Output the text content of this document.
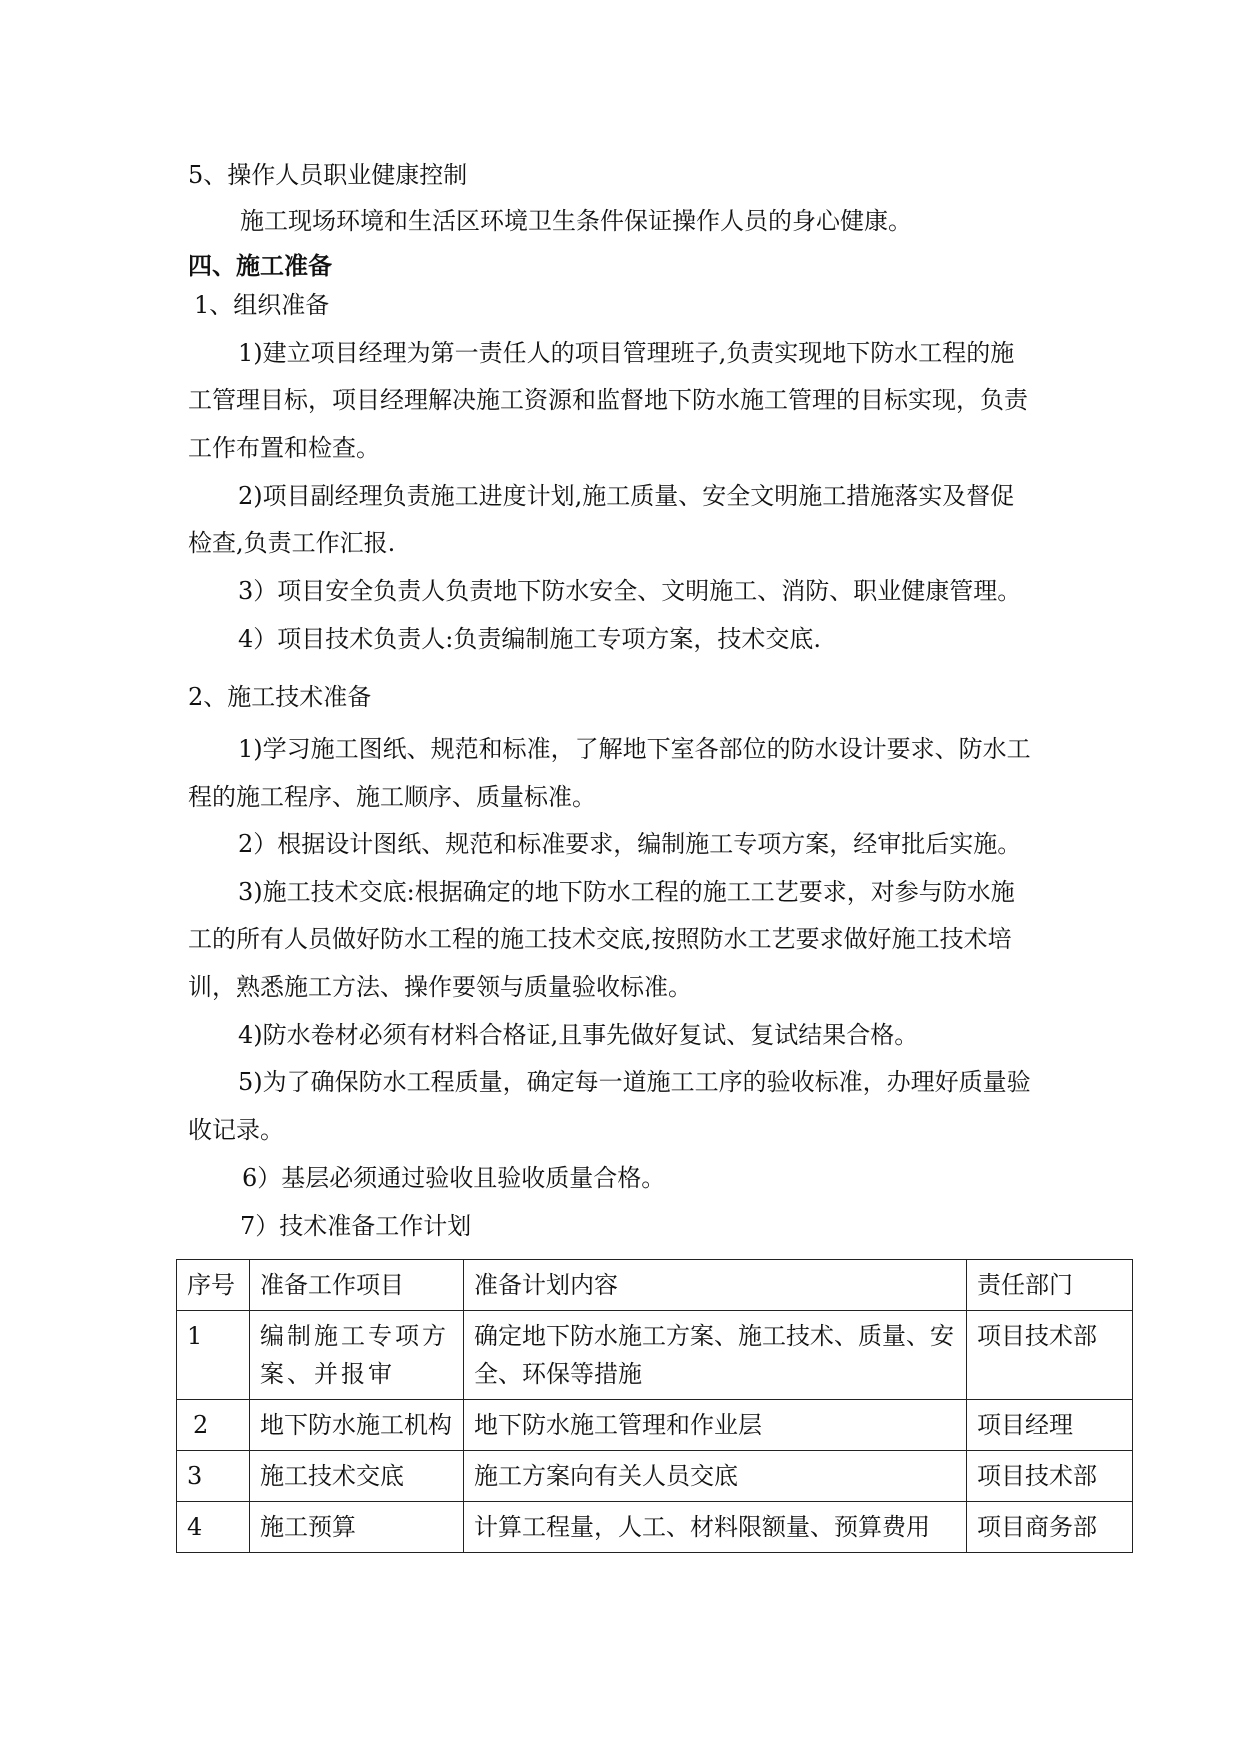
5、操作人员职业健康控制
施工现场环境和生活区环境卫生条件保证操作人员的身心健康。
四、施工准备
1、组织准备
1)建立项目经理为第一责任人的项目管理班子,负责实现地下防水工程的施
工管理目标，项目经理解决施工资源和监督地下防水施工管理的目标实现，负责
工作布置和检查。
2)项目副经理负责施工进度计划,施工质量、安全文明施工措施落实及督促
检查,负责工作汇报.
3）项目安全负责人负责地下防水安全、文明施工、消防、职业健康管理。
4）项目技术负责人:负责编制施工专项方案，技术交底.
2、施工技术准备
1)学习施工图纸、规范和标准，了解地下室各部位的防水设计要求、防水工
程的施工程序、施工顺序、质量标准。
2）根据设计图纸、规范和标准要求，编制施工专项方案，经审批后实施。
3)施工技术交底:根据确定的地下防水工程的施工工艺要求，对参与防水施
工的所有人员做好防水工程的施工技术交底,按照防水工艺要求做好施工技术培
训，熟悉施工方法、操作要领与质量验收标准。
4)防水卷材必须有材料合格证,且事先做好复试、复试结果合格。
5)为了确保防水工程质量，确定每一道施工工序的验收标准，办理好质量验
收记录。
6）基层必须通过验收且验收质量合格。
7）技术准备工作计划
序号	准备工作项目	准备计划内容	责任部门
1	编制施工专项方案、并报审	确定地下防水施工方案、施工技术、质量、安全、环保等措施	项目技术部
2	地下防水施工机构	地下防水施工管理和作业层	项目经理
3	施工技术交底	施工方案向有关人员交底	项目技术部
4	施工预算	计算工程量，人工、材料限额量、预算费用	项目商务部
